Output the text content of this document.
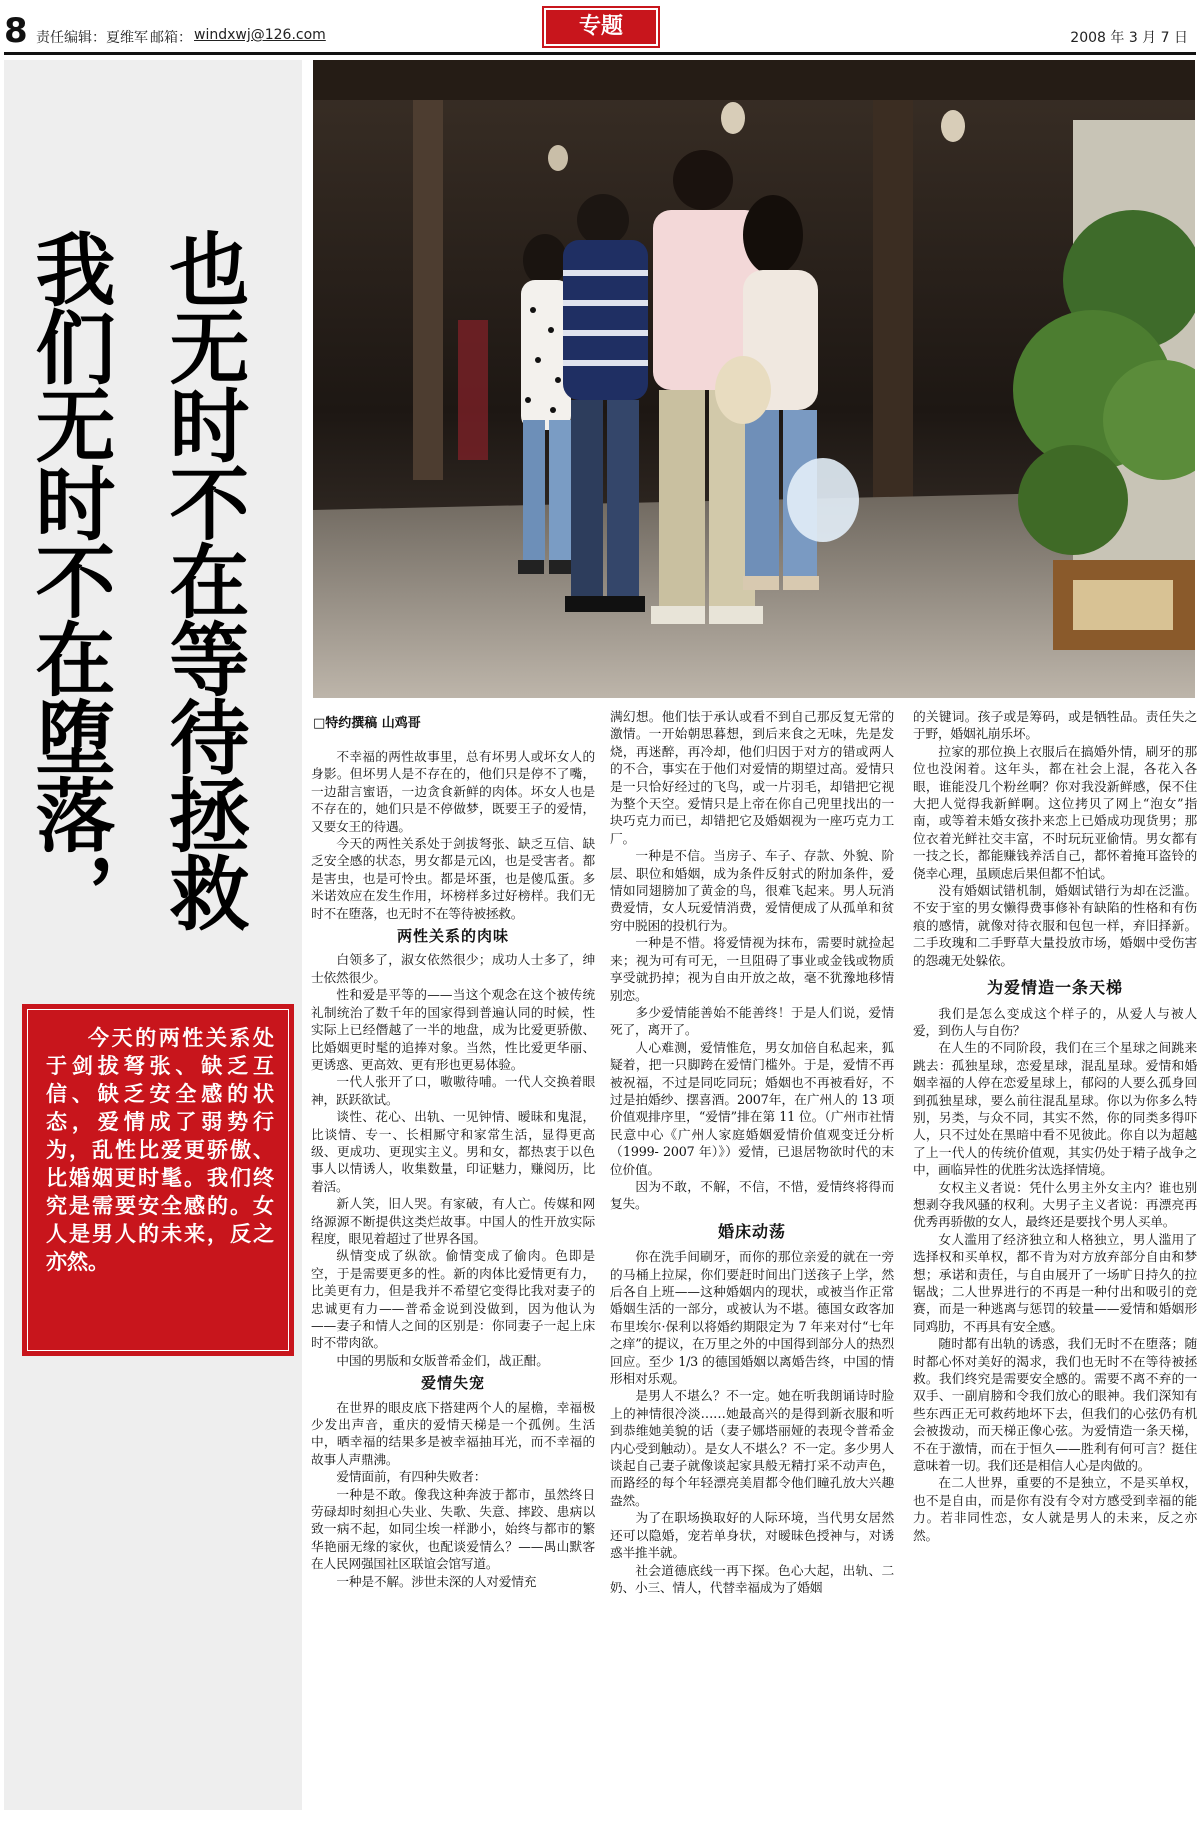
8 责任编辑：夏维军 邮箱： windxwj@126.com	专题	2008 年 3 月 7 日
也无时不在等待拯救
我们无时不在堕落，
今天的两性关系处于剑拔弩张、缺乏互信、缺乏安全感的状态，爱情成了弱势行为，乱性比爱更骄傲、比婚姻更时髦。我们终究是需要安全感的。女人是男人的未来，反之亦然。
□特约撰稿 山鸡哥

不幸福的两性故事里，总有坏男人或坏女人的身影。但坏男人是不存在的，他们只是停不了嘴，一边甜言蜜语，一边贪食新鲜的肉体。坏女人也是不存在的，她们只是不停做梦，既要王子的爱情，又要女王的待遇。

今天的两性关系处于剑拔弩张、缺乏互信、缺乏安全感的状态，男女都是元凶，也是受害者。都是害虫，也是可怜虫。都是坏蛋，也是傻瓜蛋。多米诺效应在发生作用，坏榜样多过好榜样。我们无时不在堕落，也无时不在等待被拯救。

两性关系的肉味

白领多了，淑女依然很少；成功人士多了，绅士依然很少。

性和爱是平等的——当这个观念在这个被传统礼制统治了数千年的国家得到普遍认同的时候，性实际上已经僭越了一半的地盘，成为比爱更骄傲、比婚姻更时髦的追捧对象。当然，性比爱更华丽、更诱惑、更高效、更有形也更易体验。

一代人张开了口，嗷嗷待哺。一代人交换着眼神，跃跃欲试。

谈性、花心、出轨、一见钟情、暧昧和鬼混，比谈情、专一、长相厮守和家常生活，显得更高级、更成功、更现实主义。男和女，都热衷于以色事人以情诱人，收集数量，印证魅力，赚阅历，比着活。

新人笑，旧人哭。有家破，有人亡。传媒和网络源源不断提供这类烂故事。中国人的性开放实际程度，眼见着超过了世界各国。

纵情变成了纵欲。偷情变成了偷肉。色即是空，于是需要更多的性。新的肉体比爱情更有力，比美更有力，但是我并不希望它变得比我对妻子的忠诚更有力——普希金说到没做到，因为他认为——妻子和情人之间的区别是：你同妻子一起上床时不带肉欲。

中国的男版和女版普希金们，战正酣。

爱情失宠

在世界的眼皮底下搭建两个人的屋檐，幸福极少发出声音，重庆的爱情天梯是一个孤例。生活中，晒幸福的结果多是被幸福抽耳光，而不幸福的故事人声鼎沸。

爱情面前，有四种失败者：

一种是不敢。像我这种奔波于都市，虽然终日劳碌却时刻担心失业、失歌、失意、摔跤、患病以致一病不起，如同尘埃一样渺小，始终与都市的繁华艳丽无缘的家伙，也配谈爱情么？——禺山默客在人民网强国社区联谊会馆写道。

一种是不解。涉世未深的人对爱情充

满幻想。他们怯于承认或看不到自己那反复无常的激情。一开始朝思暮想，到后来食之无味，先是发烧，再迷醉，再冷却，他们归因于对方的错或两人的不合，事实在于他们对爱情的期望过高。爱情只是一只恰好经过的飞鸟，或一片羽毛，却错把它视为整个天空。爱情只是上帝在你自己兜里找出的一块巧克力而已，却错把它及婚姻视为一座巧克力工厂。

一种是不信。当房子、车子、存款、外貌、阶层、职位和婚姻，成为条件反射式的附加条件，爱情如同翅膀加了黄金的鸟，很难飞起来。男人玩消费爱情，女人玩爱情消费，爱情便成了从孤单和贫穷中脱困的投机行为。

一种是不惜。将爱情视为抹布，需要时就捡起来；视为可有可无，一旦阻碍了事业或金钱或物质享受就扔掉；视为自由开放之故，毫不犹豫地移情别恋。

多少爱情能善始不能善终！于是人们说，爱情死了，离开了。

人心难测，爱情惟危，男女加倍自私起来，狐疑着，把一只脚跨在爱情门槛外。于是，爱情不再被祝福，不过是同吃同玩；婚姻也不再被看好，不过是拍婚纱、摆喜酒。2007年，在广州人的 13 项价值观排序里，“爱情”排在第 11 位。（广州市社情民意中心《广州人家庭婚姻爱情价值观变迁分析（1999- 2007 年）》）爱情，已退居物欲时代的末位价值。

因为不敢，不解，不信，不惜，爱情终将得而复失。

婚床动荡

你在洗手间刷牙，而你的那位亲爱的就在一旁的马桶上拉屎，你们要赶时间出门送孩子上学，然后各自上班——这种婚姻内的现状，或被当作正常婚姻生活的一部分，或被认为不堪。德国女政客加布里埃尔·保利以将婚约期限定为 7 年来对付“七年之痒”的提议，在万里之外的中国得到部分人的热烈回应。至少 1/3 的德国婚姻以离婚告终，中国的情形相对乐观。

是男人不堪么？不一定。她在听我朗诵诗时脸上的神情很冷淡……她最高兴的是得到新衣服和听到恭维她美貌的话（妻子娜塔丽娅的表现令普希金内心受到触动）。是女人不堪么？不一定。多少男人谈起自己妻子就像谈起家具般无精打采不动声色，而路经的每个年轻漂亮美眉都令他们瞳孔放大兴趣盎然。

为了在职场换取好的人际环境，当代男女居然还可以隐婚，宠若单身状，对暧昧色授神与，对诱惑半推半就。

社会道德底线一再下探。色心大起，出轨、二奶、小三、情人，代替幸福成为了婚姻

的关键词。孩子或是筹码，或是牺牲品。责任失之于野，婚姻礼崩乐坏。

拉家的那位换上衣服后在搞婚外情，刷牙的那位也没闲着。这年头，都在社会上混，各花入各眼，谁能没几个粉丝啊？你对我没新鲜感，保不住大把人觉得我新鲜啊。这位拷贝了网上“泡女”指南，或等着未婚女孩扑来恋上已婚成功现货男；那位衣着光鲜社交丰富，不时玩玩亚偷情。男女都有一技之长，都能赚钱养活自己，都怀着掩耳盗铃的侥幸心理，虽顾虑后果但都不怕试。

没有婚姻试错机制，婚姻试错行为却在泛滥。不安于室的男女懒得费事修补有缺陷的性格和有伤痕的感情，就像对待衣服和包包一样，弃旧择新。二手玫瑰和二手野草大量投放市场，婚姻中受伤害的怨魂无处躲依。

为爱情造一条天梯

我们是怎么变成这个样子的，从爱人与被人爱，到伤人与自伤？

在人生的不同阶段，我们在三个星球之间跳来跳去：孤独星球，恋爱星球，混乱星球。爱情和婚姻幸福的人停在恋爱星球上，郁闷的人要么孤身回到孤独星球，要么前往混乱星球。你以为你多么特别，另类，与众不同，其实不然，你的同类多得吓人，只不过处在黑暗中看不见彼此。你自以为超越了上一代人的传统价值观，其实仍处于精子战争之中，画临异性的优胜劣汰选择情境。

女权主义者说：凭什么男主外女主内？谁也别想剥夺我风骚的权利。大男子主义者说：再漂亮再优秀再骄傲的女人，最终还是要找个男人买单。

女人滥用了经济独立和人格独立，男人滥用了选择权和买单权，都不肯为对方放弃部分自由和梦想；承诺和责任，与自由展开了一场旷日持久的拉锯战；二人世界进行的不再是一种付出和吸引的竞赛，而是一种逃离与惩罚的较量——爱情和婚姻形同鸡肋，不再具有安全感。

随时都有出轨的诱惑，我们无时不在堕落；随时都心怀对美好的渴求，我们也无时不在等待被拯救。我们终究是需要安全感的。需要不离不弃的一双手、一副肩膀和令我们放心的眼神。我们深知有些东西正无可救药地坏下去，但我们的心弦仍有机会被拨动，而天梯正像心弦。为爱情造一条天梯，不在于激情，而在于恒久——胜利有何可言？挺住意味着一切。我们还是相信人心是肉做的。

在二人世界，重要的不是独立，不是买单权，也不是自由，而是你有没有令对方感受到幸福的能力。若非同性恋，女人就是男人的未来，反之亦然。
